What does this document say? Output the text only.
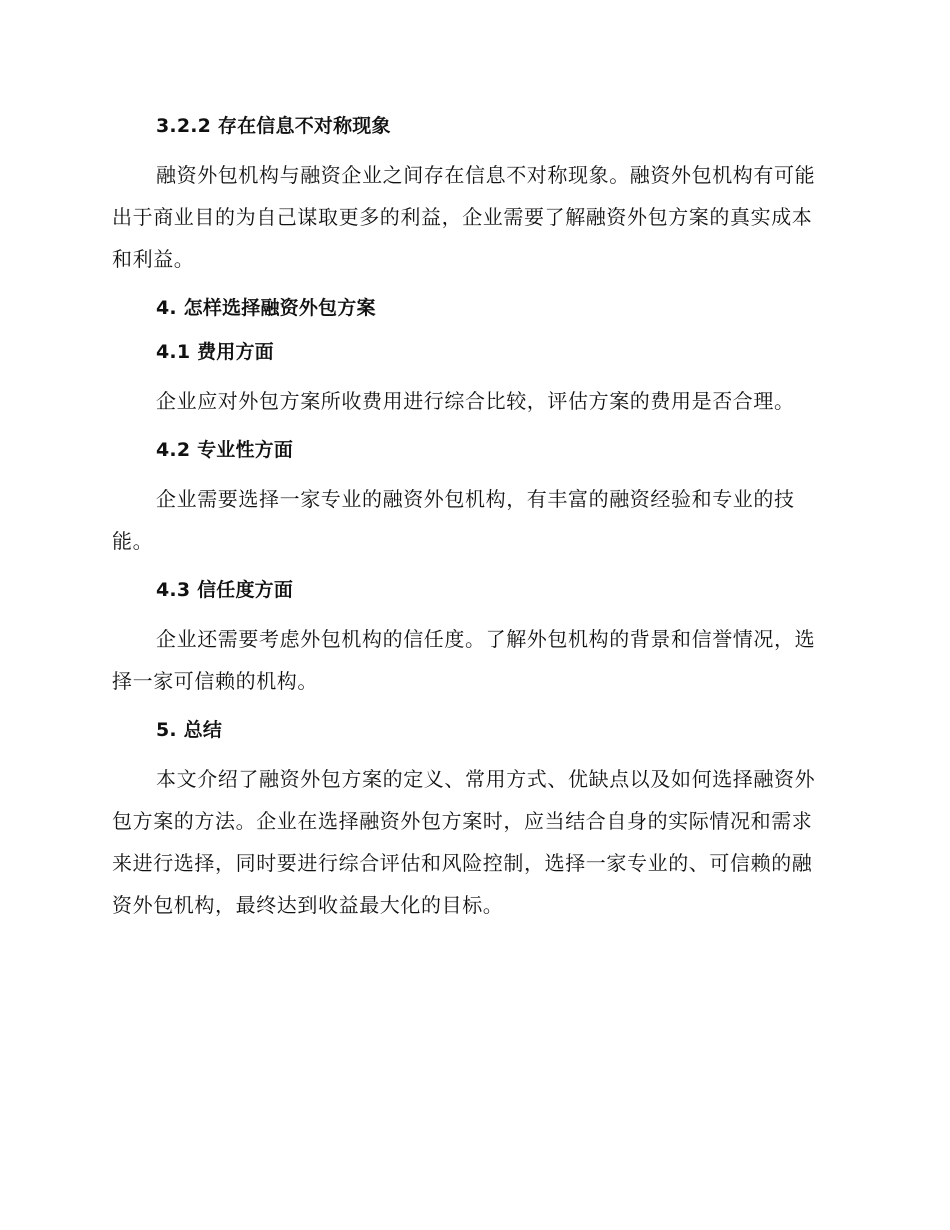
3.2.2 存在信息不对称现象

融资外包机构与融资企业之间存在信息不对称现象。融资外包机构有可能出于商业目的为自己谋取更多的利益，企业需要了解融资外包方案的真实成本和利益。

4. 怎样选择融资外包方案
4.1 费用方面

企业应对外包方案所收费用进行综合比较，评估方案的费用是否合理。

4.2 专业性方面

企业需要选择一家专业的融资外包机构，有丰富的融资经验和专业的技能。

4.3 信任度方面

企业还需要考虑外包机构的信任度。了解外包机构的背景和信誉情况，选择一家可信赖的机构。

5. 总结

本文介绍了融资外包方案的定义、常用方式、优缺点以及如何选择融资外包方案的方法。企业在选择融资外包方案时，应当结合自身的实际情况和需求来进行选择，同时要进行综合评估和风险控制，选择一家专业的、可信赖的融资外包机构，最终达到收益最大化的目标。
